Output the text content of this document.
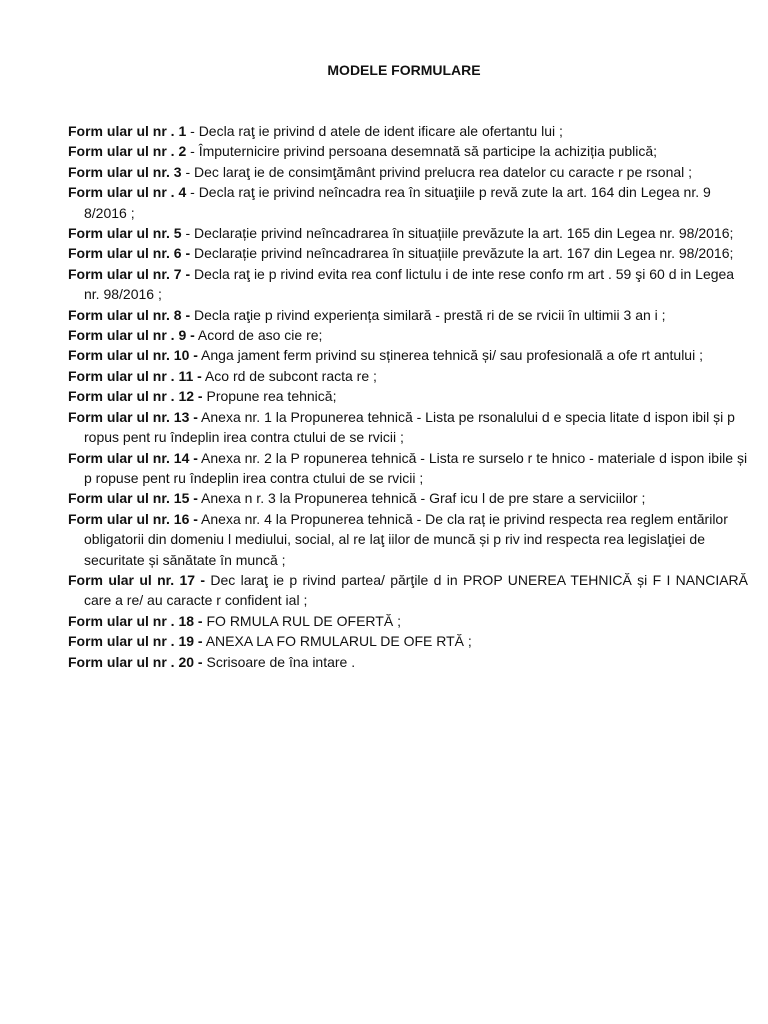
MODELE FORMULARE
Form ular ul nr . 1 - Decla raţ ie privind d atele de ident ificare ale ofertantu lui ;
Form ular ul nr . 2 - Împuternicire privind persoana desemnată să participe la achiziția publică;
Form ular ul nr. 3 - Dec laraţ ie de consimţământ privind prelucra rea datelor cu caracte r pe rsonal ;
Form ular ul nr . 4 - Decla raţ ie privind neîncadra rea în situaţiile p revă zute la art. 164 din Legea nr. 9 8/2016 ;
Form ular ul nr. 5 - Declarație privind neîncadrarea în situațiile prevăzute la art. 165 din Legea nr. 98/2016;
Form ular ul nr. 6 - Declarație privind neîncadrarea în situațiile prevăzute la art. 167 din Legea nr. 98/2016;
Form ular ul nr. 7 - Decla raţ ie p rivind evita rea conf lictulu i de inte rese confo rm art . 59 şi 60 d in Legea nr. 98/2016 ;
Form ular ul nr. 8 - Decla raţie p rivind experiența similară - prestă ri de se rvicii în ultimii 3 an i ;
Form ular ul nr . 9 - Acord de aso cie re;
Form ular ul nr. 10 - Anga jament ferm privind su sținerea tehnică și/ sau profesională a ofe rt antului ;
Form ular ul nr . 11 - Aco rd de subcont racta re ;
Form ular ul nr . 12 - Propune rea tehnică;
Form ular ul nr. 13 - Anexa nr. 1 la Propunerea tehnică - Lista pe rsonalului d e specia litate d ispon ibil și p ropus pent ru îndeplin irea contra ctului de se rvicii ;
Form ular ul nr. 14 - Anexa nr. 2 la P ropunerea tehnică - Lista re surselo r te hnico - materiale d ispon ibile și p ropuse pent ru îndeplin irea contra ctului de se rvicii ;
Form ular ul nr. 15 - Anexa n r. 3 la Propunerea tehnică - Graf icu l de pre stare a serviciilor ;
Form ular ul nr. 16 - Anexa nr. 4 la Propunerea tehnică - De cla raț ie privind respecta rea reglem entărilor obligatorii din domeniu l mediului, social, al re laţ iilor de muncă și p riv ind respecta rea legislaţiei de securitate și sănătate în muncă ;
Form ular ul nr. 17 - Dec laraţ ie p rivind partea/ părţile d in PROP UNEREA TEHNICĂ și F I NANCIARĂ care a re/ au caracte r confident ial ;
Form ular ul nr . 18 - FO RMULA RUL DE OFERTĂ ;
Form ular ul nr . 19 - ANEXA LA FO RMULARUL DE OFE RTĂ ;
Form ular ul nr . 20 - Scrisoare de îna intare .
